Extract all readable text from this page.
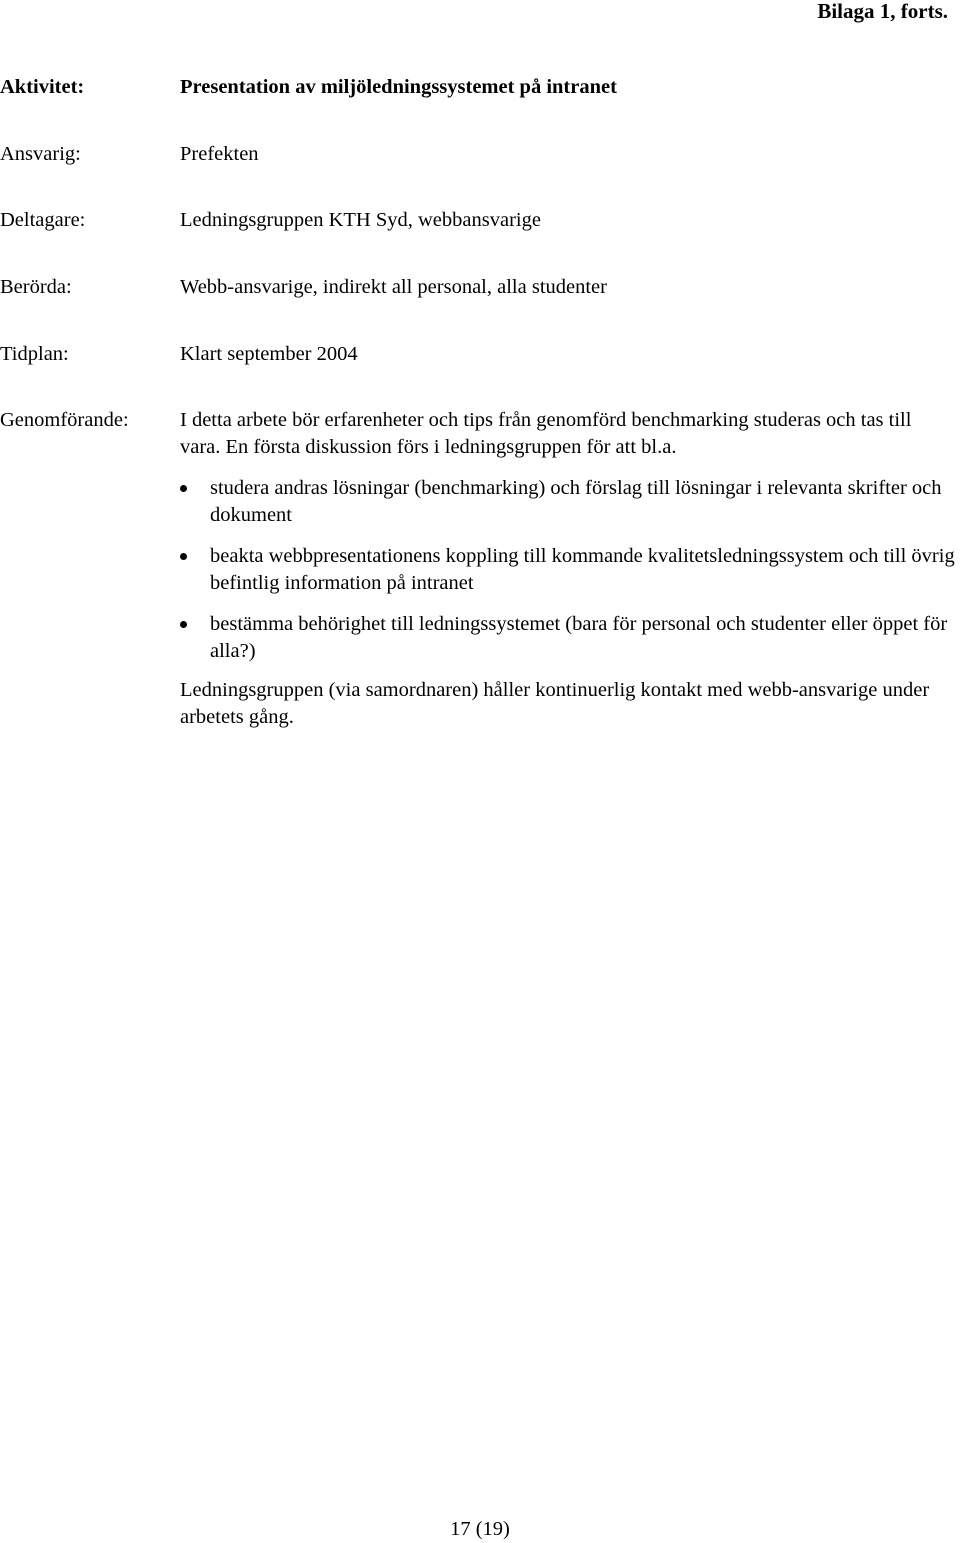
Bilaga 1, forts.
Aktivitet:	Presentation av miljöledningssystemet på intranet
Ansvarig:	Prefekten
Deltagare:	Ledningsgruppen KTH Syd, webbansvarige
Berörda:	Webb-ansvarige, indirekt all personal, alla studenter
Tidplan:	Klart september 2004
Genomförande:	I detta arbete bör erfarenheter och tips från genomförd benchmarking studeras och tas till vara. En första diskussion förs i ledningsgruppen för att bl.a.
studera andras lösningar (benchmarking) och förslag till lösningar i relevanta skrifter och dokument
beakta webbpresentationens koppling till kommande kvalitetsledningssystem och till övrig befintlig information på intranet
bestämma behörighet till ledningssystemet (bara för personal och studenter eller öppet för alla?)
Ledningsgruppen (via samordnaren) håller kontinuerlig kontakt med webb-ansvarige under arbetets gång.
17 (19)
